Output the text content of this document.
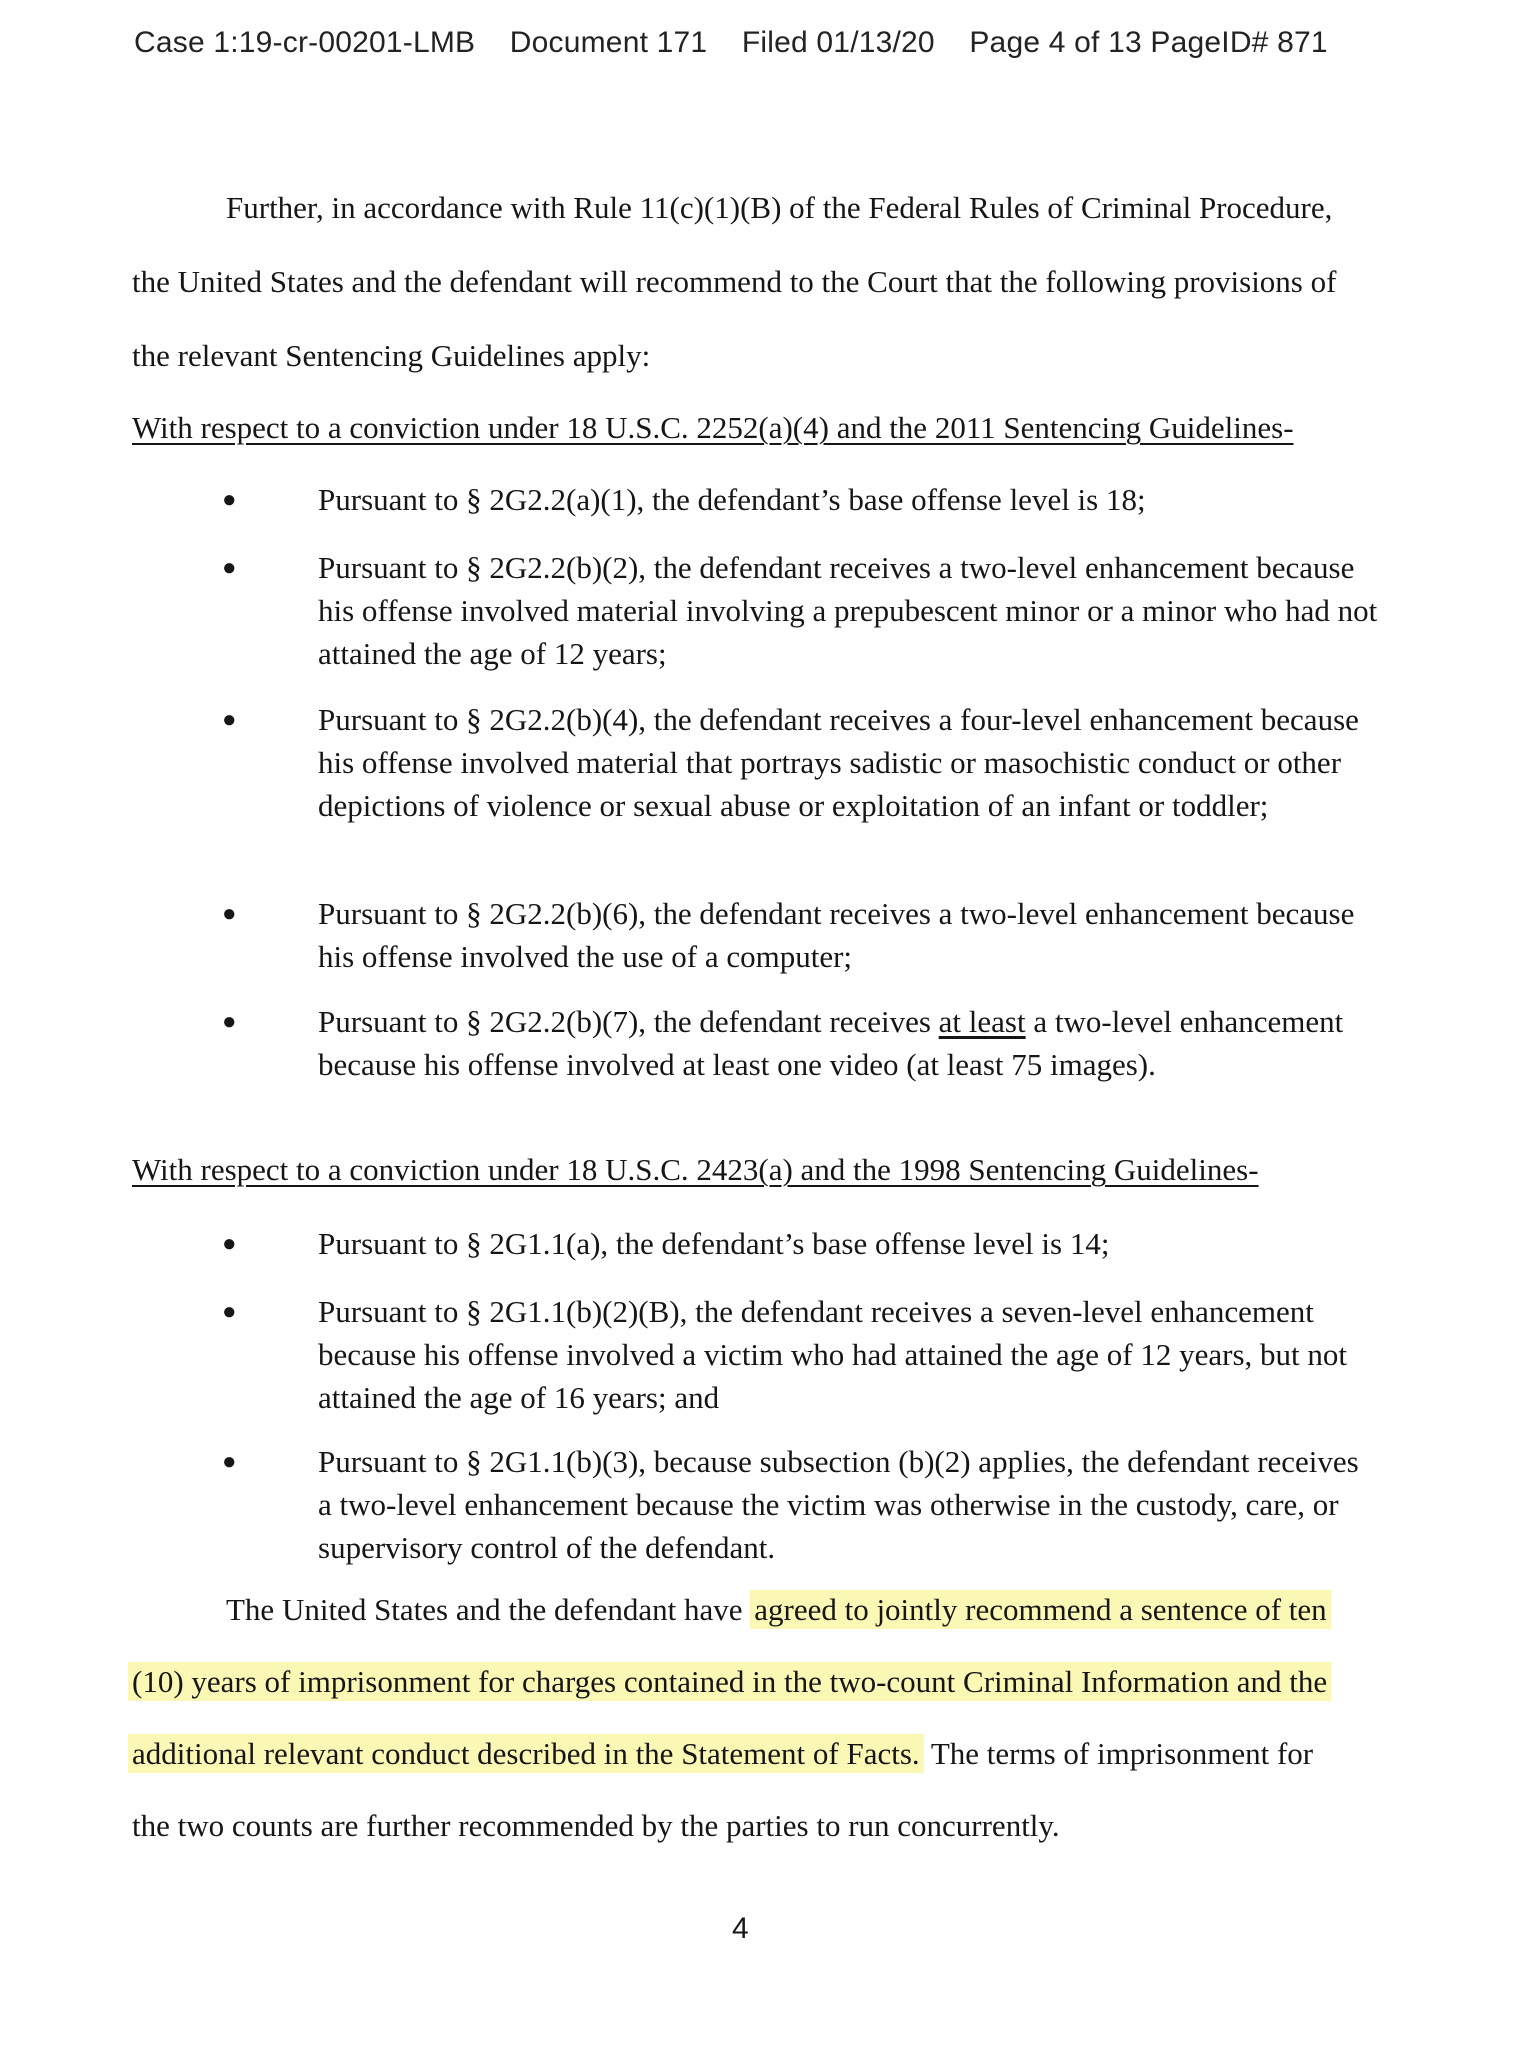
Case 1:19-cr-00201-LMB Document 171 Filed 01/13/20 Page 4 of 13 PageID# 871
Further, in accordance with Rule 11(c)(1)(B) of the Federal Rules of Criminal Procedure,
the United States and the defendant will recommend to the Court that the following provisions of
the relevant Sentencing Guidelines apply:
With respect to a conviction under 18 U.S.C. 2252(a)(4) and the 2011 Sentencing Guidelines-
●	Pursuant to § 2G2.2(a)(1), the defendant’s base offense level is 18;
●	Pursuant to § 2G2.2(b)(2), the defendant receives a two-level enhancement because his offense involved material involving a prepubescent minor or a minor who had not attained the age of 12 years;
●	Pursuant to § 2G2.2(b)(4), the defendant receives a four-level enhancement because his offense involved material that portrays sadistic or masochistic conduct or other depictions of violence or sexual abuse or exploitation of an infant or toddler;
●	Pursuant to § 2G2.2(b)(6), the defendant receives a two-level enhancement because his offense involved the use of a computer;
●	Pursuant to § 2G2.2(b)(7), the defendant receives at least a two-level enhancement because his offense involved at least one video (at least 75 images).
With respect to a conviction under 18 U.S.C. 2423(a) and the 1998 Sentencing Guidelines-
●	Pursuant to § 2G1.1(a), the defendant’s base offense level is 14;
●	Pursuant to § 2G1.1(b)(2)(B), the defendant receives a seven-level enhancement because his offense involved a victim who had attained the age of 12 years, but not attained the age of 16 years; and
●	Pursuant to § 2G1.1(b)(3), because subsection (b)(2) applies, the defendant receives a two-level enhancement because the victim was otherwise in the custody, care, or supervisory control of the defendant.
The United States and the defendant have agreed to jointly recommend a sentence of ten
(10) years of imprisonment for charges contained in the two-count Criminal Information and the
additional relevant conduct described in the Statement of Facts. The terms of imprisonment for
the two counts are further recommended by the parties to run concurrently.
4
